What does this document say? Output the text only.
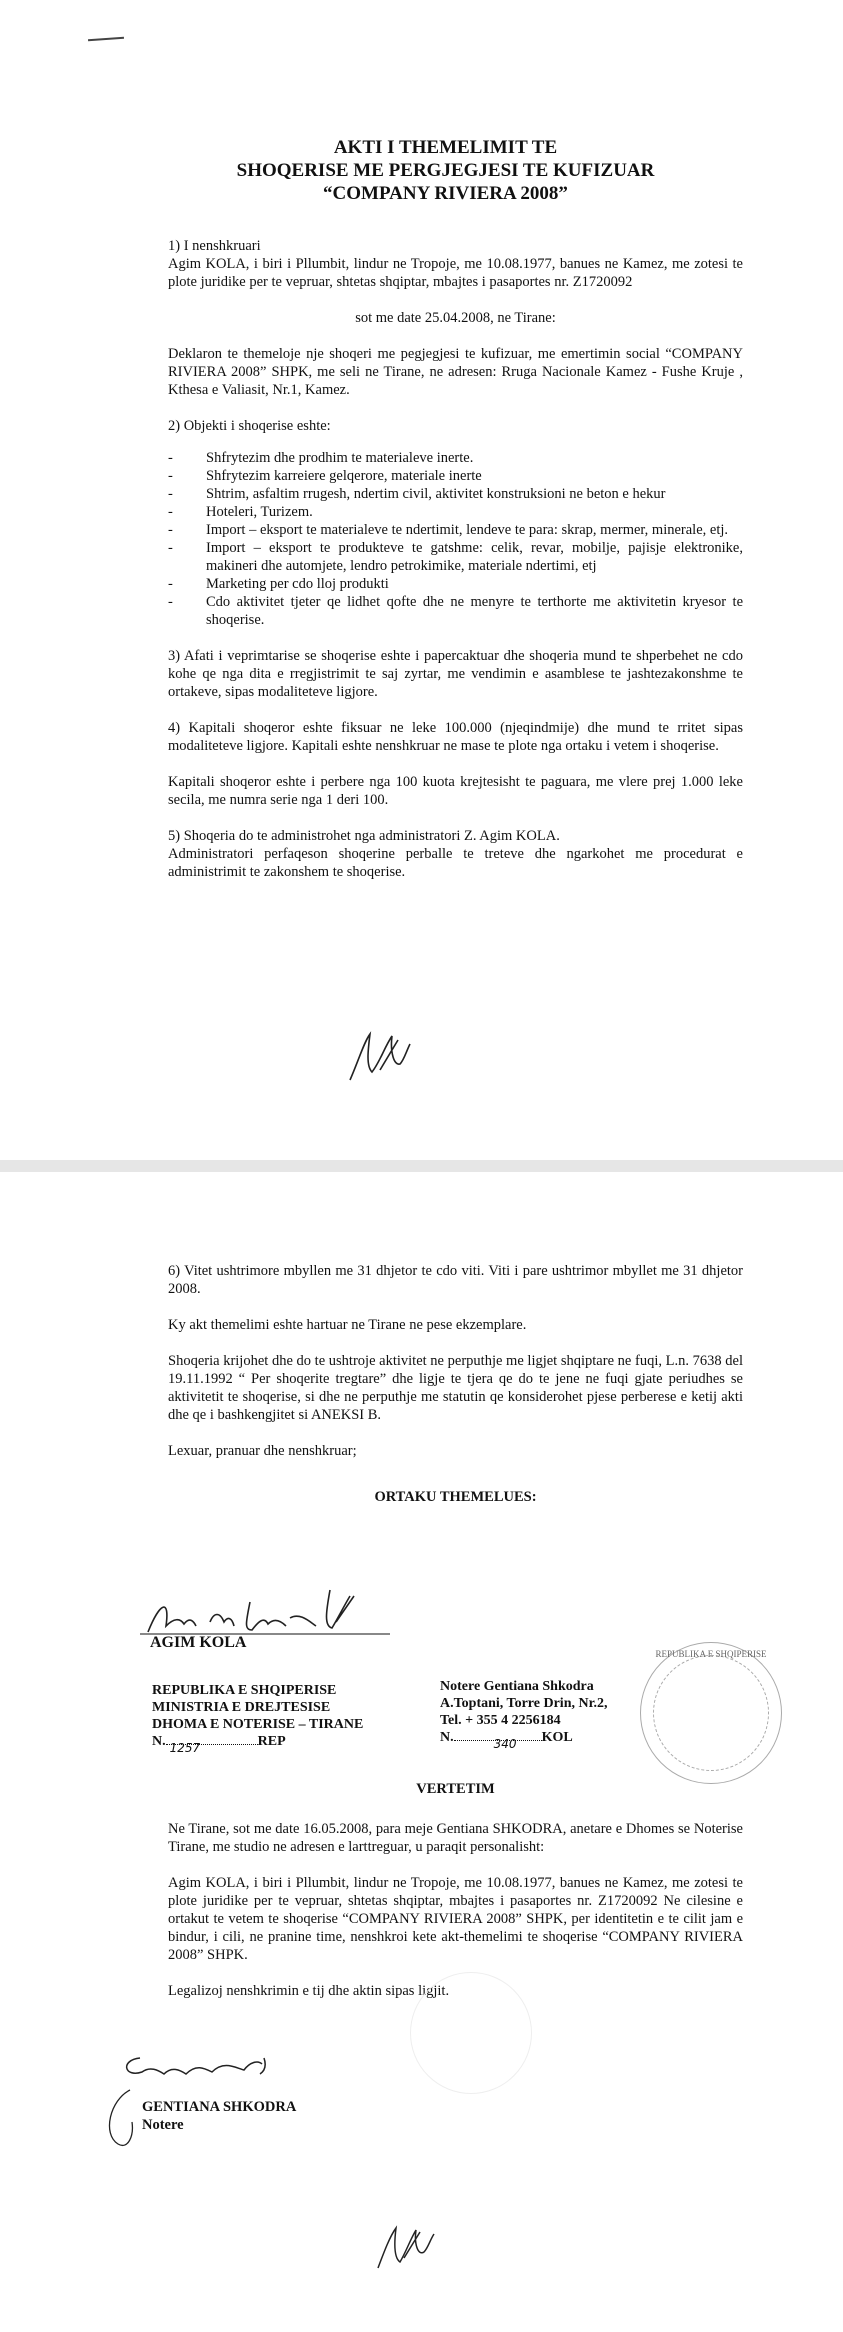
AKTI I THEMELIMIT TE
SHOQERISE ME PERGJEGJESI TE KUFIZUAR
“COMPANY RIVIERA 2008”

1) I nenshkruari

Agim KOLA, i biri i Pllumbit, lindur ne Tropoje, me 10.08.1977, banues ne Kamez, me zotesi te plote juridike per te vepruar, shtetas shqiptar, mbajtes i pasaportes nr. Z1720092

sot me date 25.04.2008, ne Tirane:

Deklaron te themeloje nje shoqeri me pegjegjesi te kufizuar, me emertimin social “COMPANY RIVIERA 2008” SHPK, me seli ne Tirane, ne adresen: Rruga Nacionale Kamez - Fushe Kruje , Kthesa e Valiasit, Nr.1, Kamez.

2) Objekti i shoqerise eshte:

- Shfrytezim dhe prodhim te materialeve inerte.
- Shfrytezim karreiere gelqerore, materiale inerte
- Shtrim, asfaltim rrugesh, ndertim civil, aktivitet konstruksioni ne beton e hekur
- Hoteleri, Turizem.
- Import – eksport te materialeve te ndertimit, lendeve te para: skrap, mermer, minerale, etj.
- Import – eksport te produkteve te gatshme: celik, revar, mobilje, pajisje elektronike, makineri dhe automjete, lendro petrokimike, materiale ndertimi, etj
- Marketing per cdo lloj produkti
- Cdo aktivitet tjeter qe lidhet qofte dhe ne menyre te terthorte me aktivitetin kryesor te shoqerise.

3) Afati i veprimtarise se shoqerise eshte i papercaktuar dhe shoqeria mund te shperbehet ne cdo kohe qe nga dita e rregjistrimit te saj zyrtar, me vendimin e asamblese te jashtezakonshme te ortakeve, sipas modaliteteve ligjore.

4) Kapitali shoqeror eshte fiksuar ne leke 100.000 (njeqindmije) dhe mund te rritet sipas modaliteteve ligjore. Kapitali eshte nenshkruar ne mase te plote nga ortaku i vetem i shoqerise.

Kapitali shoqeror eshte i perbere nga 100 kuota krejtesisht te paguara, me vlere prej 1.000 leke secila, me numra serie nga 1 deri 100.

5) Shoqeria do te administrohet nga administratori Z. Agim KOLA.

Administratori perfaqeson shoqerine perballe te treteve dhe ngarkohet me procedurat e administrimit te zakonshem te shoqerise.

6) Vitet ushtrimore mbyllen me 31 dhjetor te cdo viti. Viti i pare ushtrimor mbyllet me 31 dhjetor 2008.

Ky akt themelimi eshte hartuar ne Tirane ne pese ekzemplare.

Shoqeria krijohet dhe do te ushtroje aktivitet ne perputhje me ligjet shqiptare ne fuqi, L.n. 7638 del 19.11.1992 “ Per shoqerite tregtare” dhe ligje te tjera qe do te jene ne fuqi gjate periudhes se aktivitetit te shoqerise, si dhe ne perputhje me statutin qe konsiderohet pjese perberese e ketij akti dhe qe i bashkengjitet si ANEKSI B.

Lexuar, pranuar dhe nenshkruar;

ORTAKU THEMELUES:

AGIM KOLA
REPUBLIKA E SHQIPERISE
REPUBLIKA E SHQIPERISE
MINISTRIA E DREJTESISE
DHOMA E NOTERISE – TIRANE
N. 1257	REP
Notere Gentiana Shkodra
A.Toptani, Torre Drin, Nr.2,
Tel. + 355 4 2256184
N.	340 KOL

VERTETIM

Ne Tirane, sot me date 16.05.2008, para meje Gentiana SHKODRA, anetare e Dhomes se Noterise Tirane, me studio ne adresen e larttreguar, u paraqit personalisht:

Agim KOLA, i biri i Pllumbit, lindur ne Tropoje, me 10.08.1977, banues ne Kamez, me zotesi te plote juridike per te vepruar, shtetas shqiptar, mbajtes i pasaportes nr. Z1720092 Ne cilesine e ortakut te vetem te shoqerise “COMPANY RIVIERA 2008” SHPK, per identitetin e te cilit jam e bindur, i cili, ne pranine time, nenshkroi kete akt-themelimi te shoqerise “COMPANY RIVIERA 2008” SHPK.

Legalizoj nenshkrimin e tij dhe aktin sipas ligjit.

GENTIANA SHKODRA
Notere
